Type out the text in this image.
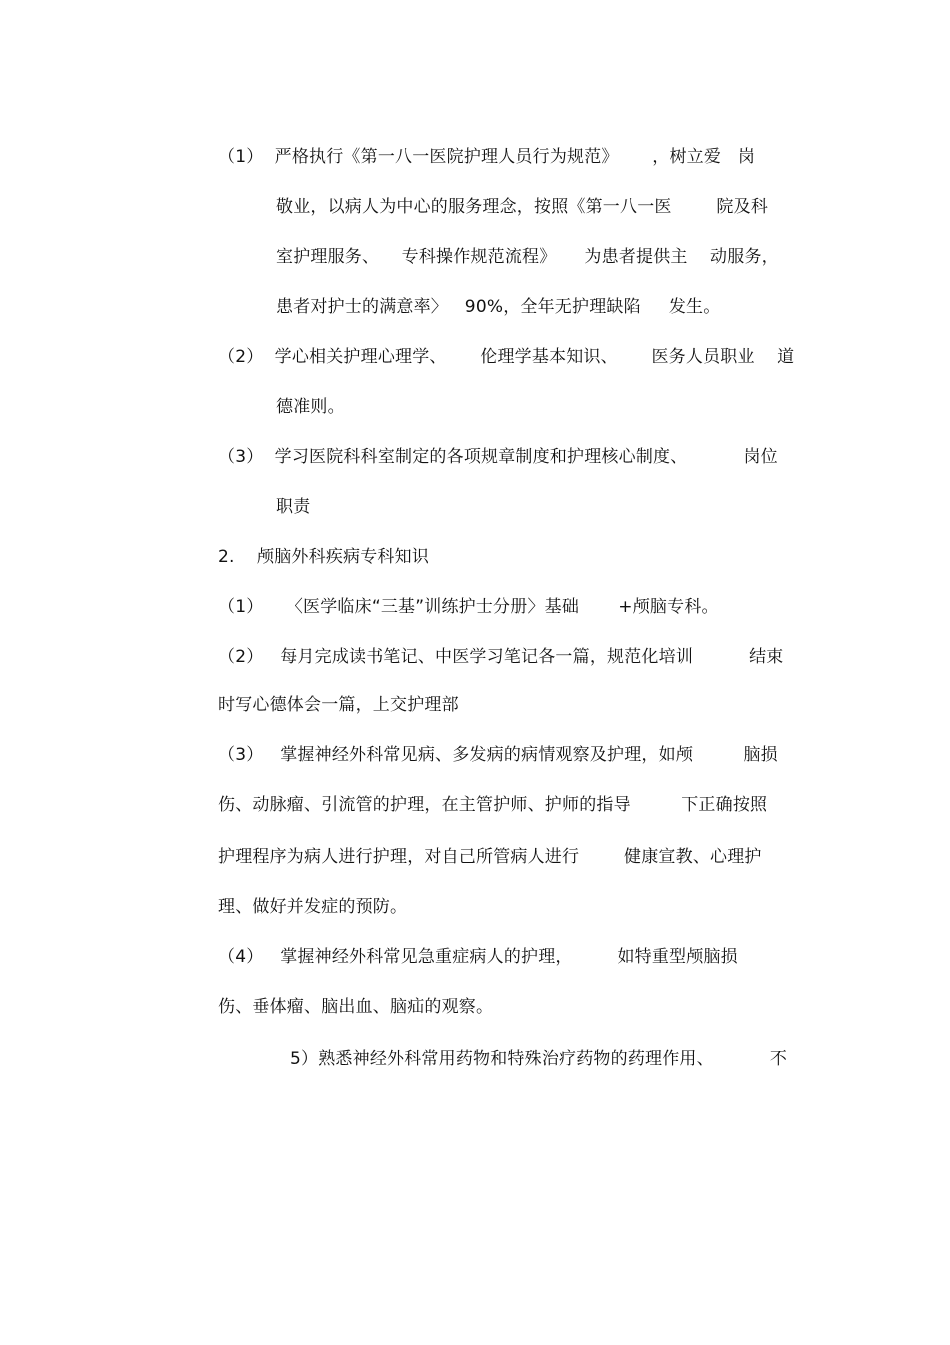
（1）  严格执行《第一八一医院护理人员行为规范》      ，树立爱   岗
敬业，以病人为中心的服务理念，按照《第一八一医        院及科
室护理服务、    专科操作规范流程》     为患者提供主    动服务，
患者对护士的满意率〉   90%，全年无护理缺陷     发生。
（2）  学心相关护理心理学、      伦理学基本知识、      医务人员职业    道
德准则。
（3）  学习医院科科室制定的各项规章制度和护理核心制度、          岗位
职责
2.    颅脑外科疾病专科知识
（1）    〈医学临床“三基”训练护士分册〉基础       +颅脑专科。
（2）   每月完成读书笔记、中医学习笔记各一篇，规范化培训          结束
时写心德体会一篇，上交护理部
（3）   掌握神经外科常见病、多发病的病情观察及护理，如颅         脑损
伤、动脉瘤、引流管的护理，在主管护师、护师的指导         下正确按照
护理程序为病人进行护理，对自己所管病人进行        健康宣教、心理护
理、做好并发症的预防。
（4）   掌握神经外科常见急重症病人的护理，        如特重型颅脑损
伤、垂体瘤、脑出血、脑疝的观察。
5）熟悉神经外科常用药物和特殊治疗药物的药理作用、          不
